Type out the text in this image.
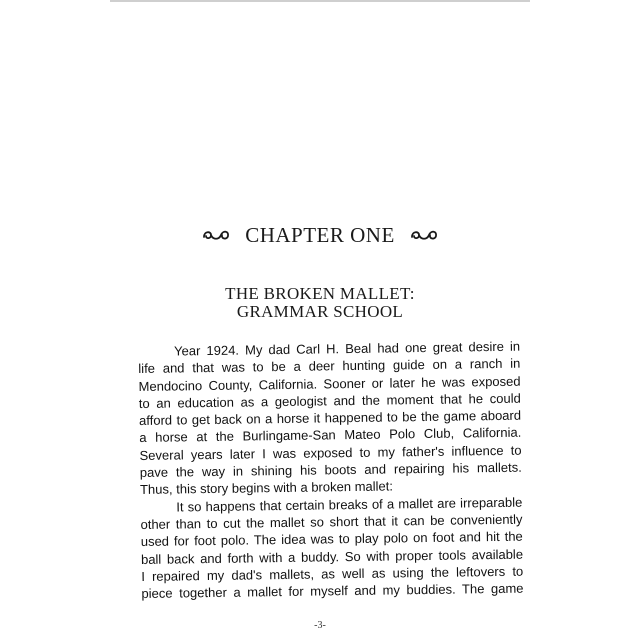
CHAPTER ONE
THE BROKEN MALLET:
GRAMMAR SCHOOL
Year 1924. My dad Carl H. Beal had one great desire in
life and that was to be a deer hunting guide on a ranch in
Mendocino County, California. Sooner or later he was exposed
to an education as a geologist and the moment that he could
afford to get back on a horse it happened to be the game aboard
a horse at the Burlingame-San Mateo Polo Club, California.
Several years later I was exposed to my father's influence to
pave the way in shining his boots and repairing his mallets.
Thus, this story begins with a broken mallet:
It so happens that certain breaks of a mallet are irreparable
other than to cut the mallet so short that it can be conveniently
used for foot polo. The idea was to play polo on foot and hit the
ball back and forth with a buddy. So with proper tools available
I repaired my dad's mallets, as well as using the leftovers to
piece together a mallet for myself and my buddies. The game
-3-
